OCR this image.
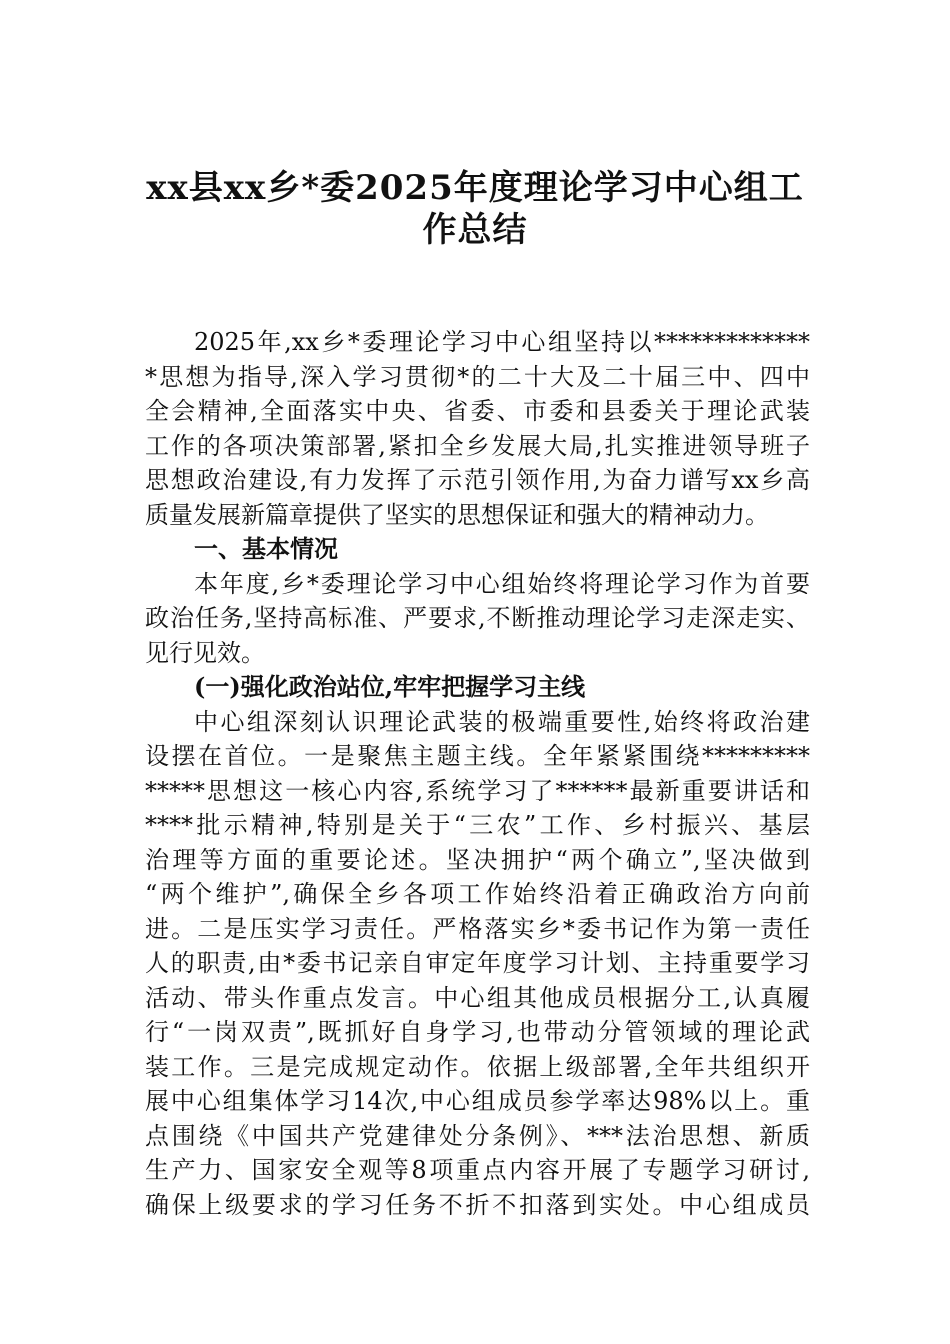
xx县xx乡*委2025年度理论学习中心组工
作总结
2025年,xx乡*委理论学习中心组坚持以*************
*思想为指导,深入学习贯彻*的二十大及二十届三中、四中
全会精神,全面落实中央、省委、市委和县委关于理论武装
工作的各项决策部署,紧扣全乡发展大局,扎实推进领导班子
思想政治建设,有力发挥了示范引领作用,为奋力谱写xx乡高
质量发展新篇章提供了坚实的思想保证和强大的精神动力。
一、基本情况
本年度,乡*委理论学习中心组始终将理论学习作为首要
政治任务,坚持高标准、严要求,不断推动理论学习走深走实、
见行见效。
(一)强化政治站位,牢牢把握学习主线
中心组深刻认识理论武装的极端重要性,始终将政治建
设摆在首位。一是聚焦主题主线。全年紧紧围绕*********
*****思想这一核心内容,系统学习了******最新重要讲话和
****批示精神,特别是关于“三农”工作、乡村振兴、基层
治理等方面的重要论述。坚决拥护“两个确立”,坚决做到
“两个维护”,确保全乡各项工作始终沿着正确政治方向前
进。二是压实学习责任。严格落实乡*委书记作为第一责任
人的职责,由*委书记亲自审定年度学习计划、主持重要学习
活动、带头作重点发言。中心组其他成员根据分工,认真履
行“一岗双责”,既抓好自身学习,也带动分管领域的理论武
装工作。三是完成规定动作。依据上级部署,全年共组织开
展中心组集体学习14次,中心组成员参学率达98%以上。重
点围绕《中国共产党建律处分条例》、***法治思想、新质
生产力、国家安全观等8项重点内容开展了专题学习研讨,
确保上级要求的学习任务不折不扣落到实处。中心组成员
